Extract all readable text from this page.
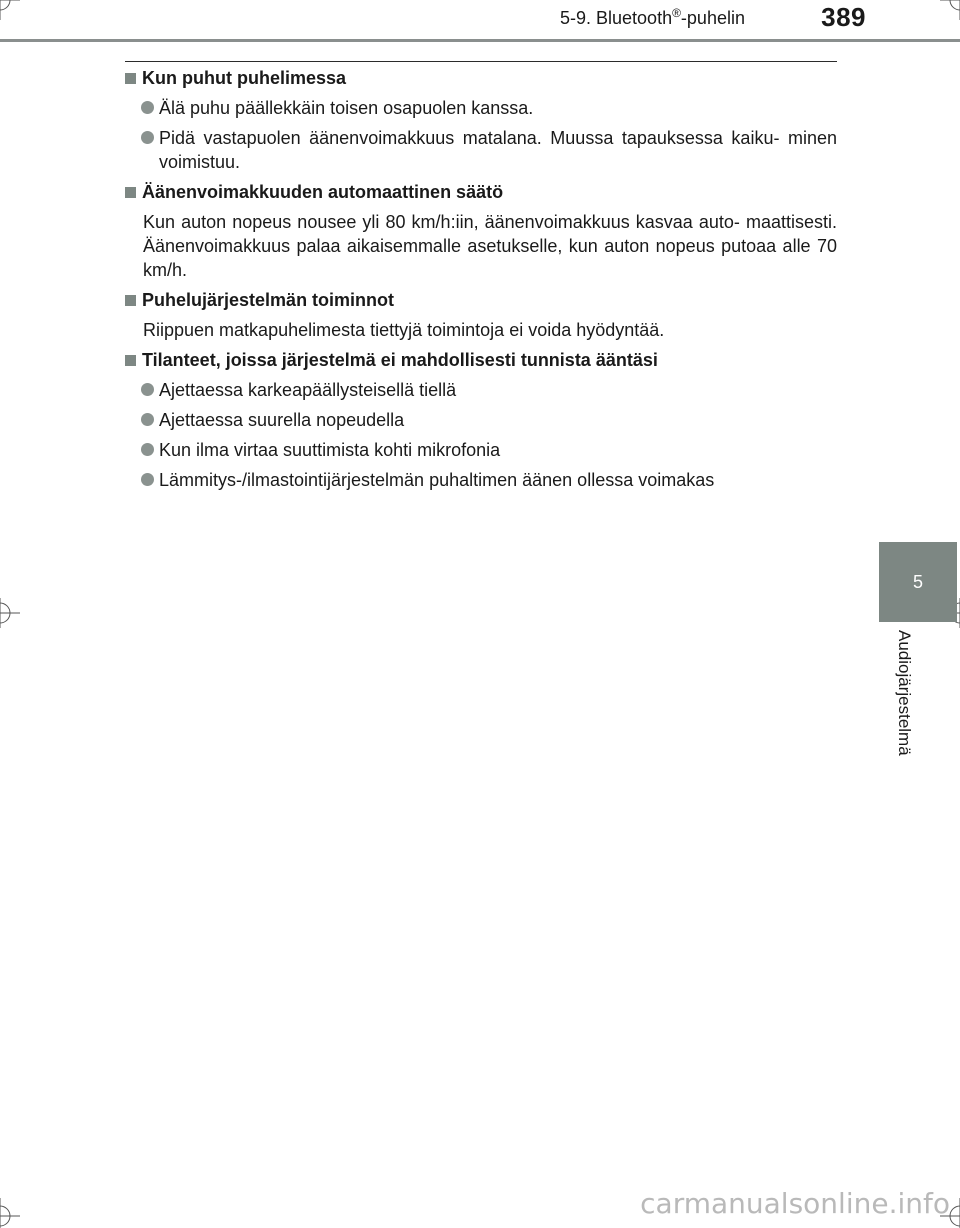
5-9. Bluetooth®-puhelin	389
5
Audiojärjestelmä
Kun puhut puhelimessa
Älä puhu päällekkäin toisen osapuolen kanssa.
Pidä vastapuolen äänenvoimakkuus matalana. Muussa tapauksessa kaiku- minen voimistuu.
Äänenvoimakkuuden automaattinen säätö
Kun auton nopeus nousee yli 80 km/h:iin, äänenvoimakkuus kasvaa auto- maattisesti. Äänenvoimakkuus palaa aikaisemmalle asetukselle, kun auton nopeus putoaa alle 70 km/h.
Puhelujärjestelmän toiminnot
Riippuen matkapuhelimesta tiettyjä toimintoja ei voida hyödyntää.
Tilanteet, joissa järjestelmä ei mahdollisesti tunnista ääntäsi
Ajettaessa karkeapäällysteisellä tiellä
Ajettaessa suurella nopeudella
Kun ilma virtaa suuttimista kohti mikrofonia
Lämmitys-/ilmastointijärjestelmän puhaltimen äänen ollessa voimakas
carmanualsonline.info
